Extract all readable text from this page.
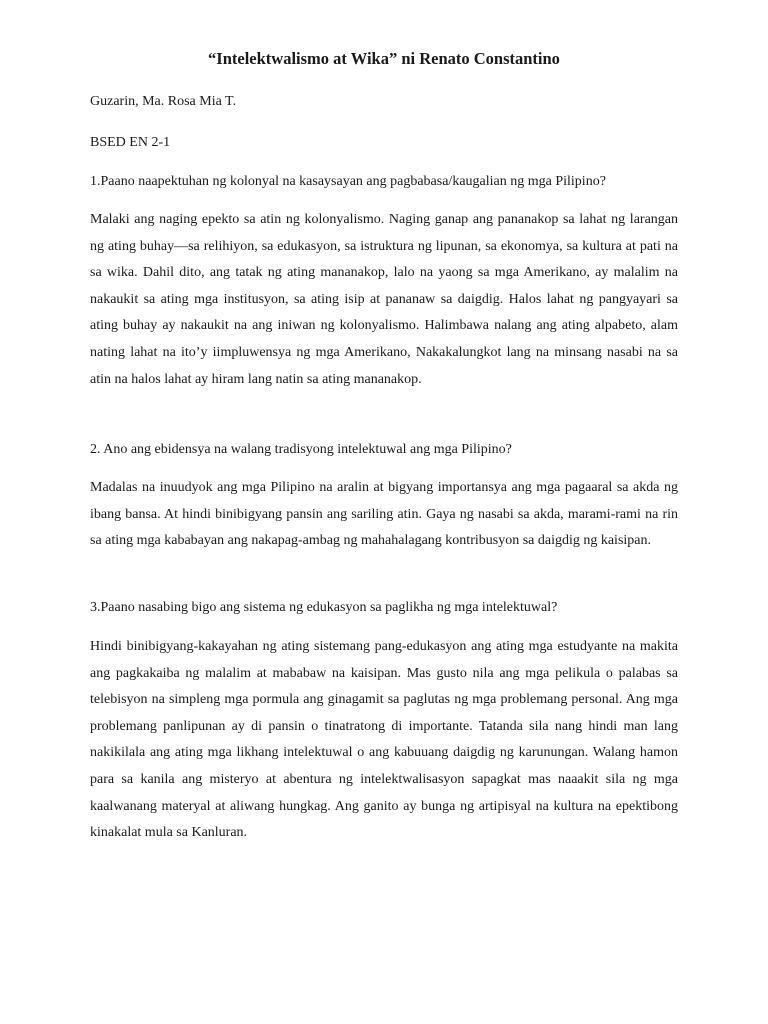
“Intelektwalismo at Wika” ni Renato Constantino

Guzarin, Ma. Rosa Mia T.

BSED EN 2-1

1.Paano naapektuhan ng kolonyal na kasaysayan ang pagbabasa/kaugalian ng mga Pilipino?

Malaki ang naging epekto sa atin ng kolonyalismo. Naging ganap ang pananakop sa lahat ng larangan ng ating buhay—sa relihiyon, sa edukasyon, sa istruktura ng lipunan, sa ekonomya, sa kultura at pati na sa wika. Dahil dito, ang tatak ng ating mananakop, lalo na yaong sa mga Amerikano, ay malalim na nakaukit sa ating mga institusyon, sa ating isip at pananaw sa daigdig. Halos lahat ng pangyayari sa ating buhay ay nakaukit na ang iniwan ng kolonyalismo. Halimbawa nalang ang ating alpabeto, alam nating lahat na ito’y iimpluwensya ng mga Amerikano, Nakakalungkot lang na minsang nasabi na sa atin na halos lahat ay hiram lang natin sa ating mananakop.

2. Ano ang ebidensya na walang tradisyong intelektuwal ang mga Pilipino?

Madalas na inuudyok ang mga Pilipino na aralin at bigyang importansya ang mga pagaaral sa akda ng ibang bansa. At hindi binibigyang pansin ang sariling atin. Gaya ng nasabi sa akda, marami-rami na rin sa ating mga kababayan ang nakapag-ambag ng mahahalagang kontribusyon sa daigdig ng kaisipan.

3.Paano nasabing bigo ang sistema ng edukasyon sa paglikha ng mga intelektuwal?

Hindi binibigyang-kakayahan ng ating sistemang pang-edukasyon ang ating mga estudyante na makita ang pagkakaiba ng malalim at mababaw na kaisipan. Mas gusto nila ang mga pelikula o palabas sa telebisyon na simpleng mga pormula ang ginagamit sa paglutas ng mga problemang personal. Ang mga problemang panlipunan ay di pansin o tinatratong di importante. Tatanda sila nang hindi man lang nakikilala ang ating mga likhang intelektuwal o ang kabuuang daigdig ng karunungan. Walang hamon para sa kanila ang misteryo at abentura ng intelektwalisasyon sapagkat mas naaakit sila ng mga kaalwanang materyal at aliwang hungkag. Ang ganito ay bunga ng artipisyal na kultura na epektibong kinakalat mula sa Kanluran.
